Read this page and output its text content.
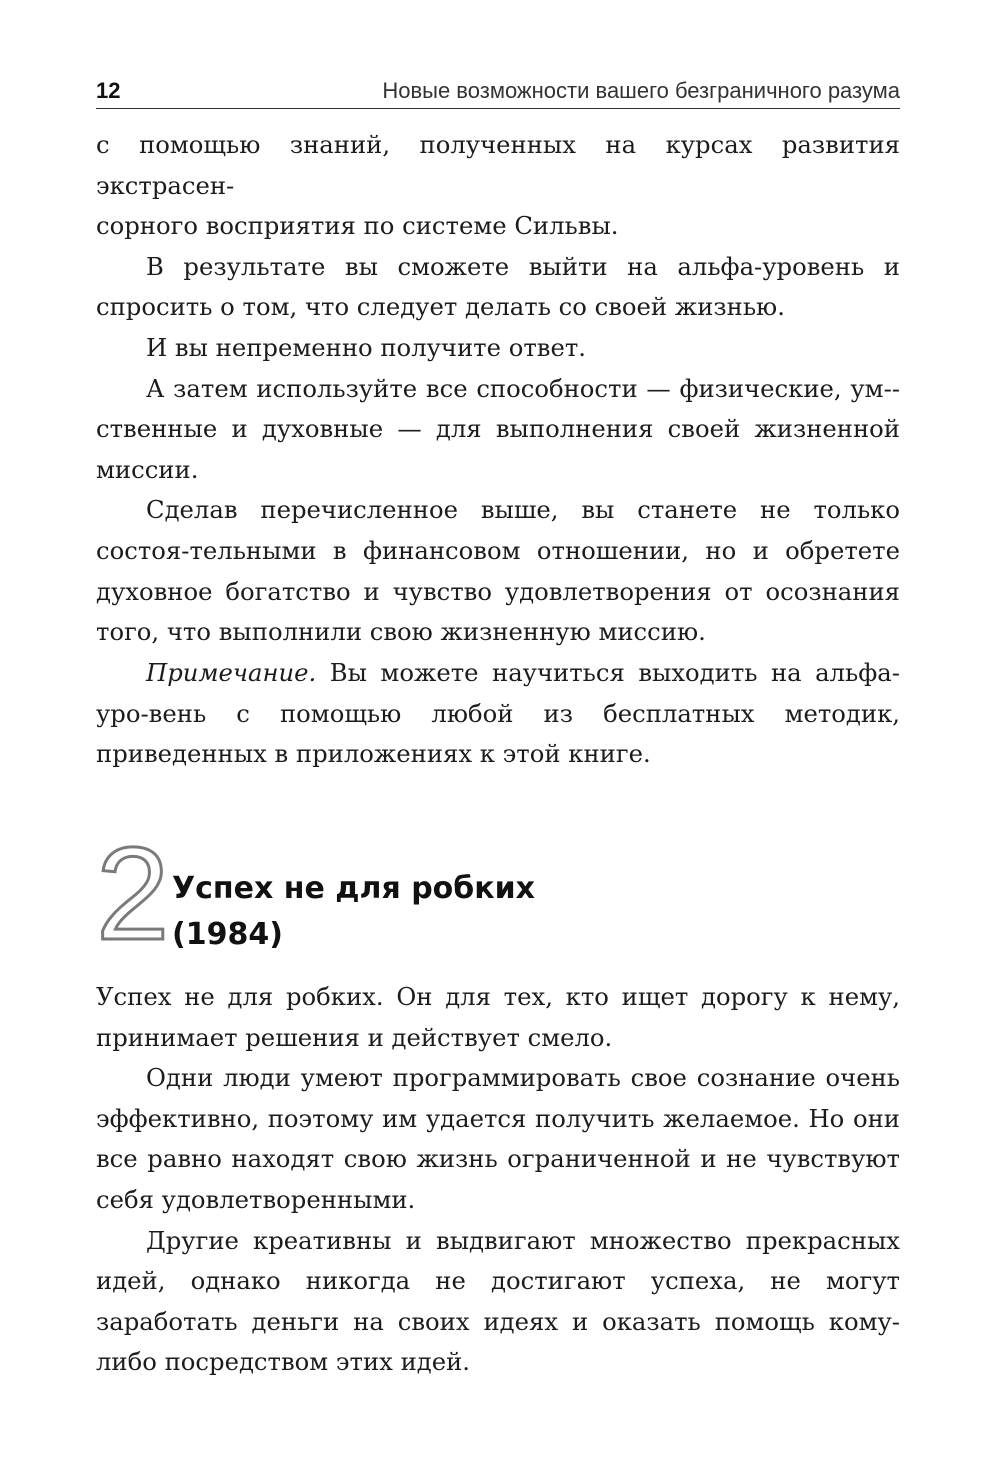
12	Новые возможности вашего безграничного разума

с помощью знаний, полученных на курсах развития экстрасен-

сорного восприятия по системе Сильвы.

В результате вы сможете выйти на альфа-уровень и спросить о том, что следует делать со своей жизнью.

И вы непременно получите ответ.

А затем используйте все способности — физические, ум-ственные и духовные — для выполнения своей жизненной миссии.

Сделав перечисленное выше, вы станете не только состоя-тельными в финансовом отношении, но и обретете духовное богатство и чувство удовлетворения от осознания того, что выполнили свою жизненную миссию.

Примечание. Вы можете научиться выходить на альфа-уро-вень с помощью любой из бесплатных методик, приведенных в приложениях к этой книге.

2 Успех не для робких
(1984)

Успех не для робких. Он для тех, кто ищет дорогу к нему, принимает решения и действует смело.

Одни люди умеют программировать свое сознание очень эффективно, поэтому им удается получить желаемое. Но они все равно находят свою жизнь ограниченной и не чувствуют себя удовлетворенными.

Другие креативны и выдвигают множество прекрасных идей, однако никогда не достигают успеха, не могут заработать деньги на своих идеях и оказать помощь кому-либо посредством этих идей.
